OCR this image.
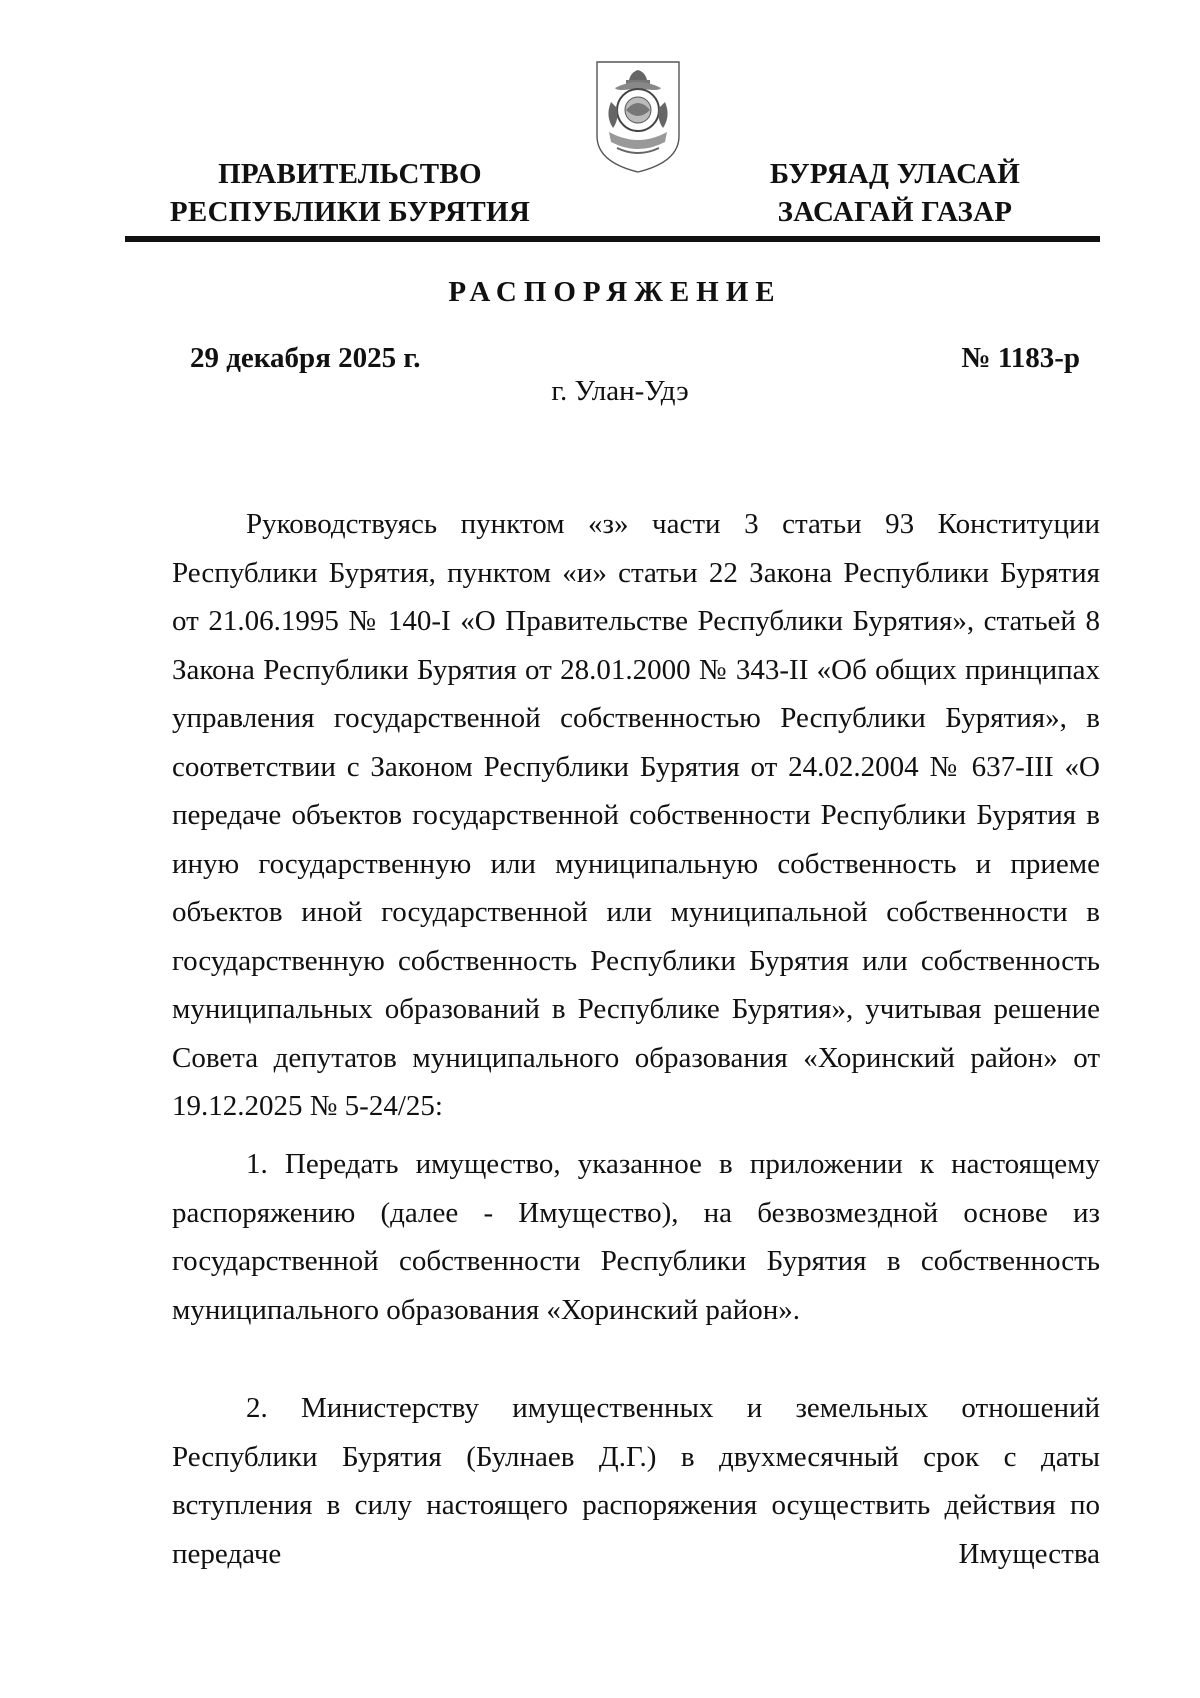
ПРАВИТЕЛЬСТВО
РЕСПУБЛИКИ БУРЯТИЯ
БУРЯАД УЛАСАЙ
ЗАСАГАЙ ГАЗАР
РАСПОРЯЖЕНИЕ
29 декабря 2025 г.	№ 1183-р
г. Улан-Удэ

Руководствуясь пунктом «з» части 3 статьи 93 Конституции Республики Бурятия, пунктом «и» статьи 22 Закона Республики Бурятия от 21.06.1995 № 140-I «О Правительстве Республики Бурятия», статьей 8 Закона Республики Бурятия от 28.01.2000 № 343-II «Об общих принципах управления государственной собственностью Республики Бурятия», в соответствии с Законом Республики Бурятия от 24.02.2004 № 637-III «О передаче объектов государственной собственности Республики Бурятия в иную государственную или муниципальную собственность и приеме объектов иной государственной или муниципальной собственности в государственную собственность Республики Бурятия или собственность муниципальных образований в Республике Бурятия», учитывая решение Совета депутатов муниципального образования «Хоринский район» от 19.12.2025 № 5-24/25:

1. Передать имущество, указанное в приложении к настоящему распоряжению (далее - Имущество), на безвозмездной основе из государственной собственности Республики Бурятия в собственность муниципального образования «Хоринский район».

2. Министерству имущественных и земельных отношений Республики Бурятия (Булнаев Д.Г.) в двухмесячный срок с даты вступления в силу настоящего распоряжения осуществить действия по передаче Имущества
